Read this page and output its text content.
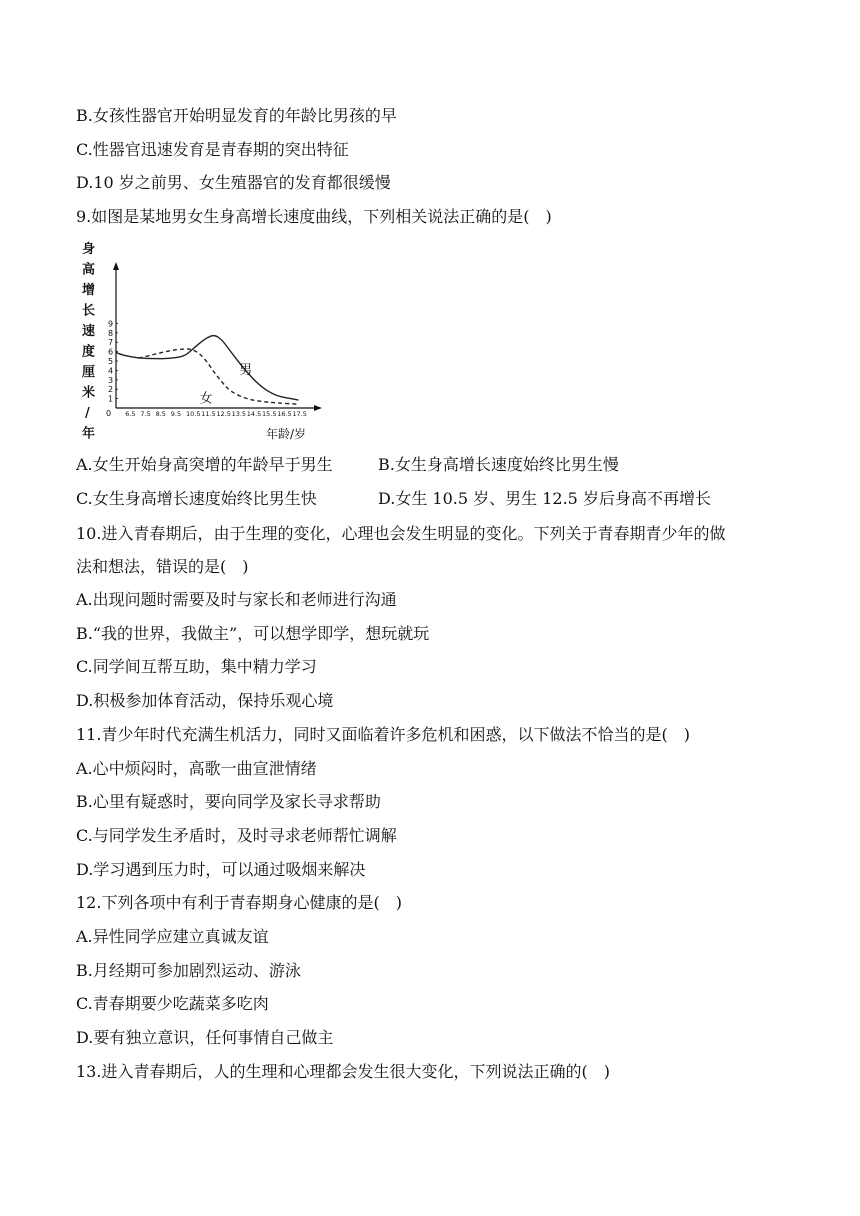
B.女孩性器官开始明显发育的年龄比男孩的早
C.性器官迅速发育是青春期的突出特征
D.10 岁之前男、女生殖器官的发育都很缓慢
9.如图是某地男女生身高增长速度曲线，下列相关说法正确的是(　)
身
高
增
长
速
度
厘
米
/
年
0
1
2
3
4
5
6
7
8
9
6.5 7.5 8.5 9.5 10.5 11.5 12.5 13.5 14.5 15.5 16.5 17.5
男
女
年龄/岁
A.女生开始身高突增的年龄早于男生	B.女生身高增长速度始终比男生慢
C.女生身高增长速度始终比男生快	D.女生 10.5 岁、男生 12.5 岁后身高不再增长
10.进入青春期后，由于生理的变化，心理也会发生明显的变化。下列关于青春期青少年的做
法和想法，错误的是(　)
A.出现问题时需要及时与家长和老师进行沟通
B.“我的世界，我做主”，可以想学即学，想玩就玩
C.同学间互帮互助，集中精力学习
D.积极参加体育活动，保持乐观心境
11.青少年时代充满生机活力，同时又面临着许多危机和困惑，以下做法不恰当的是(　)
A.心中烦闷时，高歌一曲宣泄情绪
B.心里有疑惑时，要向同学及家长寻求帮助
C.与同学发生矛盾时，及时寻求老师帮忙调解
D.学习遇到压力时，可以通过吸烟来解决
12.下列各项中有利于青春期身心健康的是(　)
A.异性同学应建立真诚友谊
B.月经期可参加剧烈运动、游泳
C.青春期要少吃蔬菜多吃肉
D.要有独立意识，任何事情自己做主
13.进入青春期后，人的生理和心理都会发生很大变化，下列说法正确的(　)
